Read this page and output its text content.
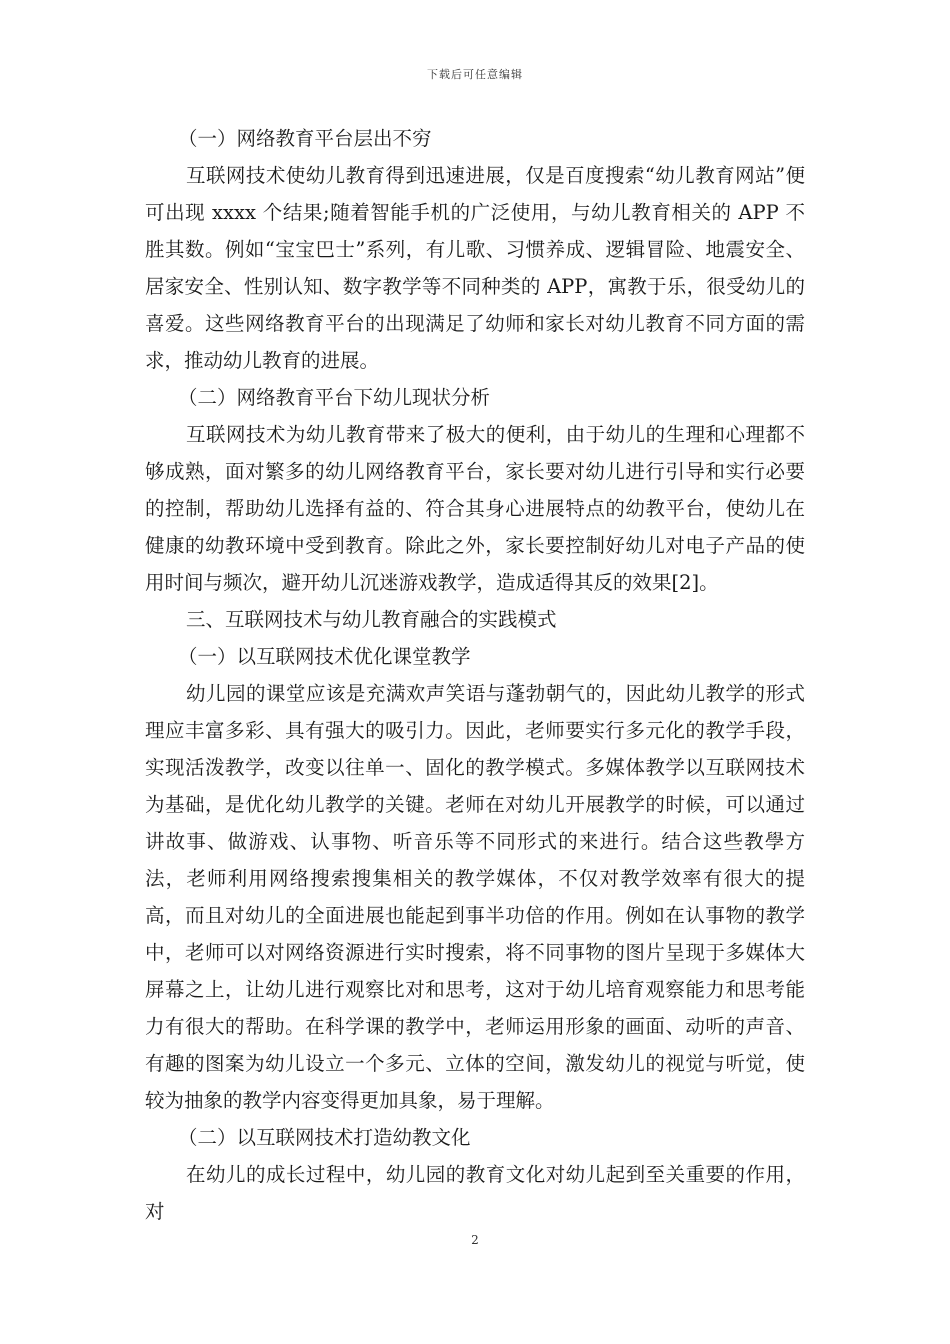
下载后可任意编辑

（一）网络教育平台层出不穷

互联网技术使幼儿教育得到迅速进展，仅是百度搜索“幼儿教育网站”便可出现 xxxx 个结果;随着智能手机的广泛使用，与幼儿教育相关的 APP 不胜其数。例如“宝宝巴士”系列，有儿歌、习惯养成、逻辑冒险、地震安全、居家安全、性别认知、数字教学等不同种类的 APP，寓教于乐，很受幼儿的喜爱。这些网络教育平台的出现满足了幼师和家长对幼儿教育不同方面的需求，推动幼儿教育的进展。

（二）网络教育平台下幼儿现状分析

互联网技术为幼儿教育带来了极大的便利，由于幼儿的生理和心理都不够成熟，面对繁多的幼儿网络教育平台，家长要对幼儿进行引导和实行必要的控制，帮助幼儿选择有益的、符合其身心进展特点的幼教平台，使幼儿在健康的幼教环境中受到教育。除此之外，家长要控制好幼儿对电子产品的使用时间与频次，避开幼儿沉迷游戏教学，造成适得其反的效果[2]。

三、互联网技术与幼儿教育融合的实践模式

（一）以互联网技术优化课堂教学

幼儿园的课堂应该是充满欢声笑语与蓬勃朝气的，因此幼儿教学的形式理应丰富多彩、具有强大的吸引力。因此，老师要实行多元化的教学手段，实现活泼教学，改变以往单一、固化的教学模式。多媒体教学以互联网技术为基础，是优化幼儿教学的关键。老师在对幼儿开展教学的时候，可以通过讲故事、做游戏、认事物、听音乐等不同形式的来进行。结合这些教學方法，老师利用网络搜索搜集相关的教学媒体，不仅对教学效率有很大的提高，而且对幼儿的全面进展也能起到事半功倍的作用。例如在认事物的教学中，老师可以对网络资源进行实时搜索，将不同事物的图片呈现于多媒体大屏幕之上，让幼儿进行观察比对和思考，这对于幼儿培育观察能力和思考能力有很大的帮助。在科学课的教学中，老师运用形象的画面、动听的声音、有趣的图案为幼儿设立一个多元、立体的空间，激发幼儿的视觉与听觉，使较为抽象的教学内容变得更加具象，易于理解。

（二）以互联网技术打造幼教文化

在幼儿的成长过程中，幼儿园的教育文化对幼儿起到至关重要的作用，对

2
